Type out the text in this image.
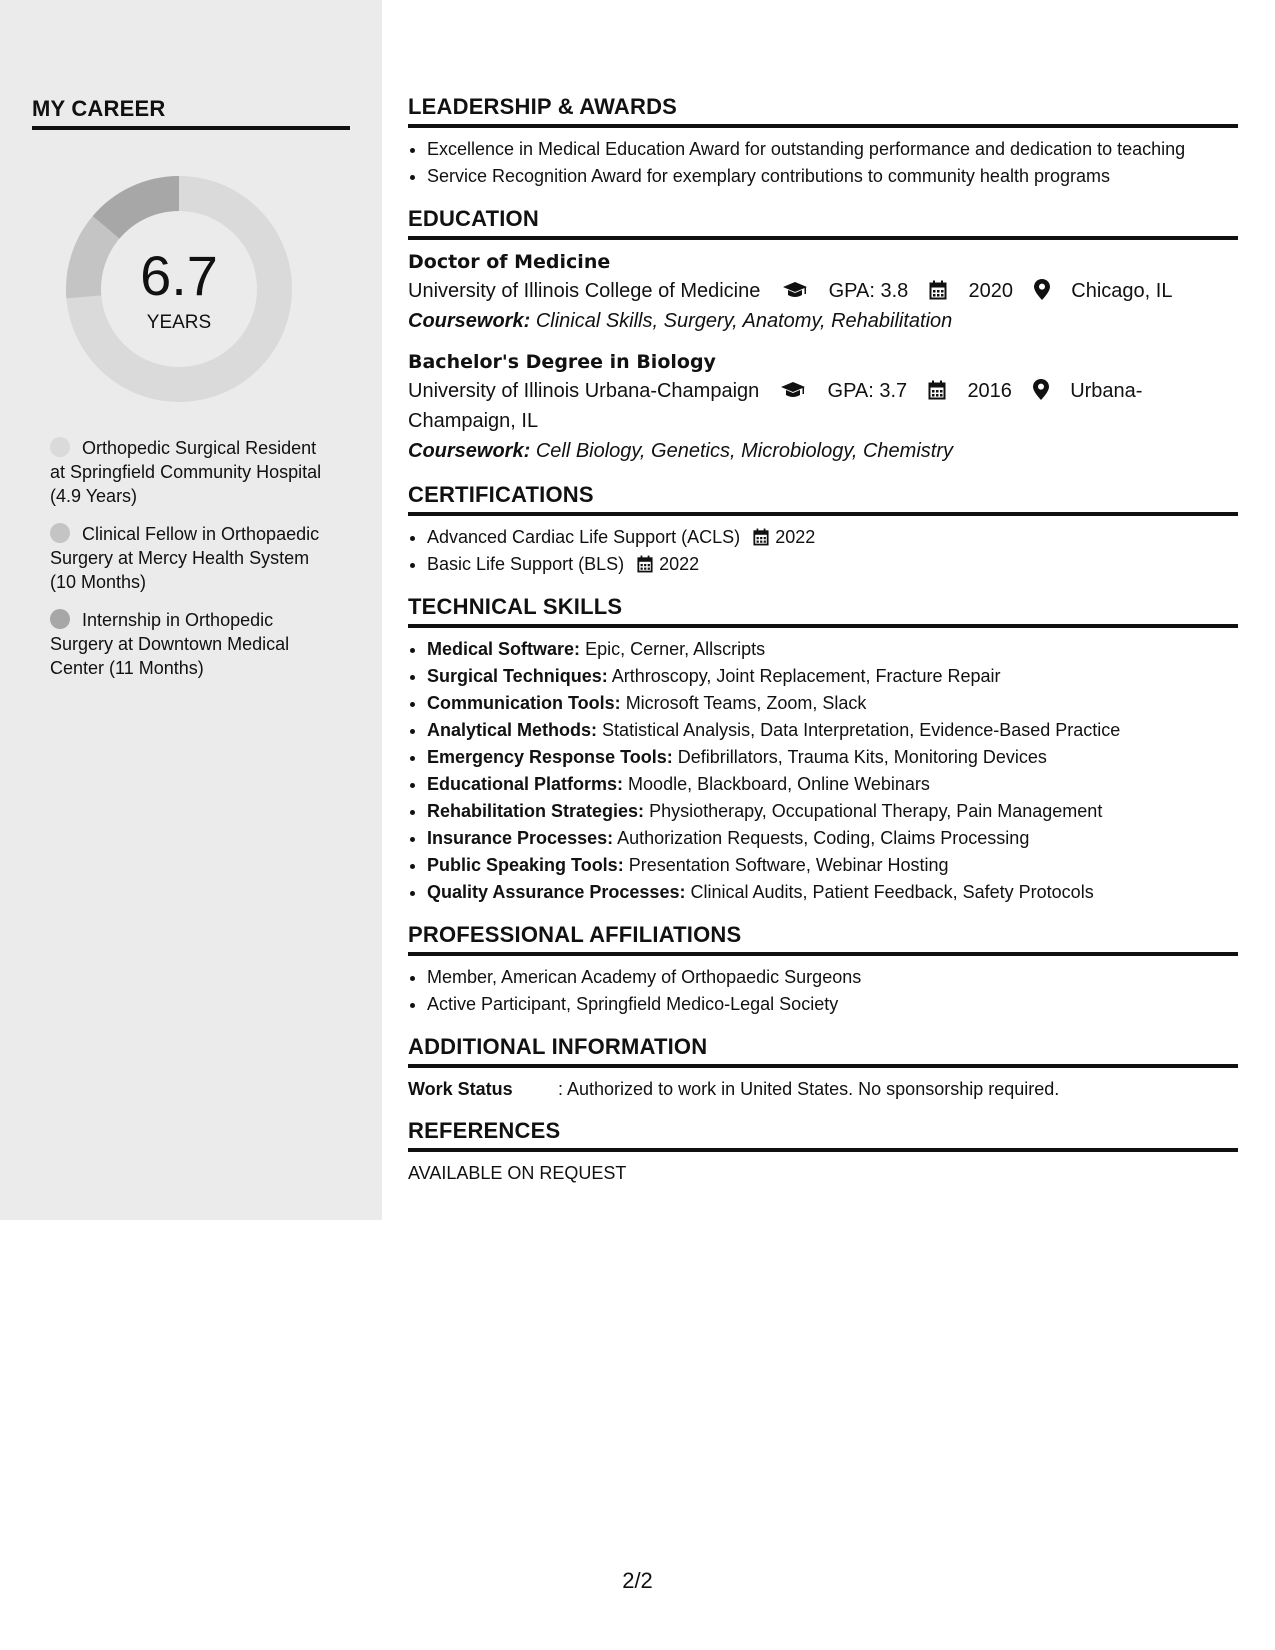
MY CAREER
6.7
YEARS
Orthopedic Surgical Resident at Springfield Community Hospital (4.9 Years)
Clinical Fellow in Orthopaedic Surgery at Mercy Health System (10 Months)
Internship in Orthopedic Surgery at Downtown Medical Center (11 Months)
LEADERSHIP & AWARDS
• Excellence in Medical Education Award for outstanding performance and dedication to teaching
• Service Recognition Award for exemplary contributions to community health programs
EDUCATION
Doctor of Medicine
University of Illinois College of Medicine	GPA: 3.8	2020	Chicago, IL
Coursework: Clinical Skills, Surgery, Anatomy, Rehabilitation
Bachelor's Degree in Biology
University of Illinois Urbana-Champaign	GPA: 3.7	2016	Urbana-Champaign, IL
Coursework: Cell Biology, Genetics, Microbiology, Chemistry
CERTIFICATIONS
• Advanced Cardiac Life Support (ACLS) 2022
• Basic Life Support (BLS) 2022
TECHNICAL SKILLS
• Medical Software: Epic, Cerner, Allscripts
• Surgical Techniques: Arthroscopy, Joint Replacement, Fracture Repair
• Communication Tools: Microsoft Teams, Zoom, Slack
• Analytical Methods: Statistical Analysis, Data Interpretation, Evidence-Based Practice
• Emergency Response Tools: Defibrillators, Trauma Kits, Monitoring Devices
• Educational Platforms: Moodle, Blackboard, Online Webinars
• Rehabilitation Strategies: Physiotherapy, Occupational Therapy, Pain Management
• Insurance Processes: Authorization Requests, Coding, Claims Processing
• Public Speaking Tools: Presentation Software, Webinar Hosting
• Quality Assurance Processes: Clinical Audits, Patient Feedback, Safety Protocols
PROFESSIONAL AFFILIATIONS
• Member, American Academy of Orthopaedic Surgeons
• Active Participant, Springfield Medico-Legal Society
ADDITIONAL INFORMATION
Work Status	: Authorized to work in United States. No sponsorship required.
REFERENCES
AVAILABLE ON REQUEST
2/2
